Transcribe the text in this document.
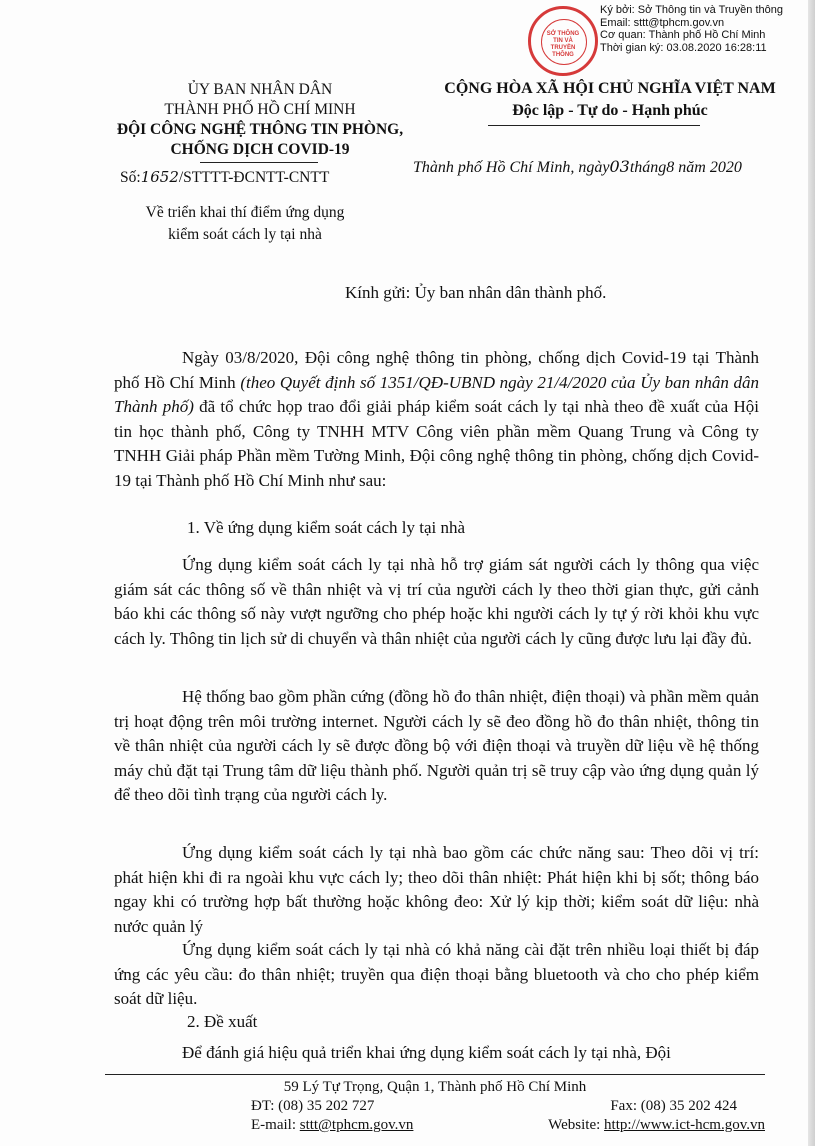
SỞ THÔNG TIN VÀ TRUYỀN THÔNG
Ký bởi: Sở Thông tin và Truyền thông
Email: sttt@tphcm.gov.vn
Cơ quan: Thành phố Hồ Chí Minh
Thời gian ký: 03.08.2020 16:28:11
ỦY BAN NHÂN DÂN
THÀNH PHỐ HỒ CHÍ MINH
ĐỘI CÔNG NGHỆ THÔNG TIN PHÒNG,
CHỐNG DỊCH COVID-19
CỘNG HÒA XÃ HỘI CHỦ NGHĨA VIỆT NAM
Độc lập - Tự do - Hạnh phúc
Thành phố Hồ Chí Minh, ngày03tháng8 năm 2020
Số:1652/STTTT-ĐCNTT-CNTT
Về triển khai thí điểm ứng dụng
kiểm soát cách ly tại nhà
Kính gửi: Ủy ban nhân dân thành phố.

Ngày 03/8/2020, Đội công nghệ thông tin phòng, chống dịch Covid-19 tại Thành phố Hồ Chí Minh (theo Quyết định số 1351/QĐ-UBND ngày 21/4/2020 của Ủy ban nhân dân Thành phố) đã tổ chức họp trao đổi giải pháp kiểm soát cách ly tại nhà theo đề xuất của Hội tin học thành phố, Công ty TNHH MTV Công viên phần mềm Quang Trung và Công ty TNHH Giải pháp Phần mềm Tường Minh, Đội công nghệ thông tin phòng, chống dịch Covid-19 tại Thành phố Hồ Chí Minh như sau:

1. Về ứng dụng kiểm soát cách ly tại nhà

Ứng dụng kiểm soát cách ly tại nhà hỗ trợ giám sát người cách ly thông qua việc giám sát các thông số về thân nhiệt và vị trí của người cách ly theo thời gian thực, gửi cảnh báo khi các thông số này vượt ngưỡng cho phép hoặc khi người cách ly tự ý rời khỏi khu vực cách ly. Thông tin lịch sử di chuyển và thân nhiệt của người cách ly cũng được lưu lại đầy đủ.

Hệ thống bao gồm phần cứng (đồng hồ đo thân nhiệt, điện thoại) và phần mềm quản trị hoạt động trên môi trường internet. Người cách ly sẽ đeo đồng hồ đo thân nhiệt, thông tin về thân nhiệt của người cách ly sẽ được đồng bộ với điện thoại và truyền dữ liệu về hệ thống máy chủ đặt tại Trung tâm dữ liệu thành phố. Người quản trị sẽ truy cập vào ứng dụng quản lý để theo dõi tình trạng của người cách ly.

Ứng dụng kiểm soát cách ly tại nhà bao gồm các chức năng sau: Theo dõi vị trí: phát hiện khi đi ra ngoài khu vực cách ly; theo dõi thân nhiệt: Phát hiện khi bị sốt; thông báo ngay khi có trường hợp bất thường hoặc không đeo: Xử lý kịp thời; kiểm soát dữ liệu: nhà nước quản lý

Ứng dụng kiểm soát cách ly tại nhà có khả năng cài đặt trên nhiều loại thiết bị đáp ứng các yêu cầu: đo thân nhiệt; truyền qua điện thoại bằng bluetooth và cho cho phép kiểm soát dữ liệu.

2. Đề xuất

Để đánh giá hiệu quả triển khai ứng dụng kiểm soát cách ly tại nhà, Đội

59 Lý Tự Trọng, Quận 1, Thành phố Hồ Chí Minh
ĐT: (08) 35 202 727	Fax: (08) 35 202 424
E-mail: sttt@tphcm.gov.vn	Website: http://www.ict-hcm.gov.vn
